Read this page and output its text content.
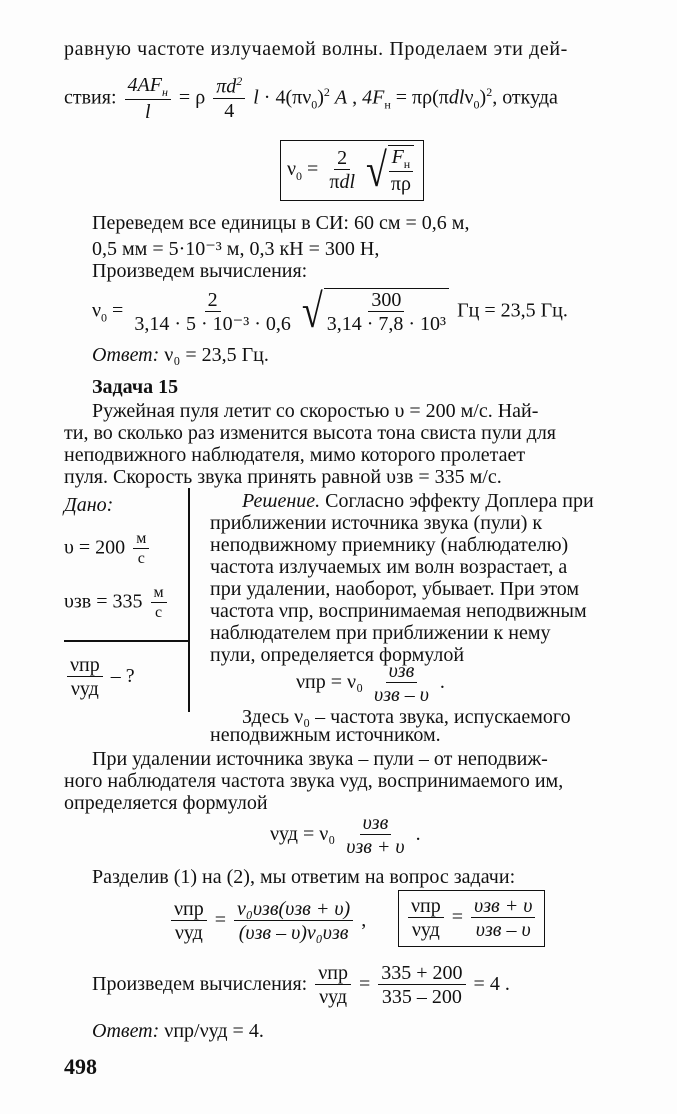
равную частоте излучаемой волны. Проделаем эти дей-
ствия: $\frac{4AF_н}{l} = \rho \frac{\pi d^2}{4}$ $l \cdot 4(\pi\nu_0)^2$ A , $4F_н = \pi\rho(\pi dl\nu_0)^2$, откуда
$\nu_0 = \frac{2}{\text{πdl}}$
√ $\frac{F_н}{\pi\rho}$
Переведем все единицы в СИ: 60 см = 0,6 м,
0,5 мм = 5·10⁻³ м, 0,3 кН = 300 Н,
Произведем вычисления:
$\nu_0 = \frac{2}{\text{3,14 · 5 · 10⁻³ · 0,6}}$
√ $\frac{300}{\text{3,14 · 7,8 · 10³}}$ Гц = 23,5 Гц.
Ответ: ν₀ = 23,5 Гц.
Задача 15
Ружейная пуля летит со скоростью υ = 200 м/с. Най-
ти, во сколько раз изменится высота тона свиста пули для
неподвижного наблюдателя, мимо которого пролетает
пуля. Скорость звука принять равной υзв = 335 м/с.
Дано:
$\upsilon = 200 \frac{м}{с}$
$\upsilon зв = 335 \frac{м}{с}$
$\frac{\text{νпр}}{\text{νуд}}$ – ?
Решение. Согласно эффекту Доплера при
приближении источника звука (пули) к
неподвижному приемнику (наблюдателю)
частота излучаемых им волн возрастает, а
при удалении, наоборот, убывает. При этом
частота νпр, воспринимаемая неподвижным
наблюдателем при приближении к нему
пули, определяется формулой
$\nu пр = \nu_0 \frac{\text{υзв}}{\text{υзв – υ}}$ .
Здесь ν₀ – частота звука, испускаемого
неподвижным источником.
При удалении источника звука – пули – от неподвиж-
ного наблюдателя частота звука νуд, воспринимаемого им,
определяется формулой
$\nu уд = \nu_0 \frac{\text{υзв}}{\text{υзв + υ}}$ .
Разделив (1) на (2), мы ответим на вопрос задачи:
$\frac{\text{νпр}}{\text{νуд}} = \frac{\text{ν₀υзв(υзв + υ)}}{\text{(υзв – υ)ν₀υзв}}$ , $\frac{\text{νпр}}{\text{νуд}} = \frac{\text{υзв + υ}}{\text{υзв – υ}}$
Произведем вычисления: $\frac{\text{νпр}}{\text{νуд}} = \frac{335 + 200}{335 - 200} = 4$ .
Ответ: νпр/νуд = 4.
498
